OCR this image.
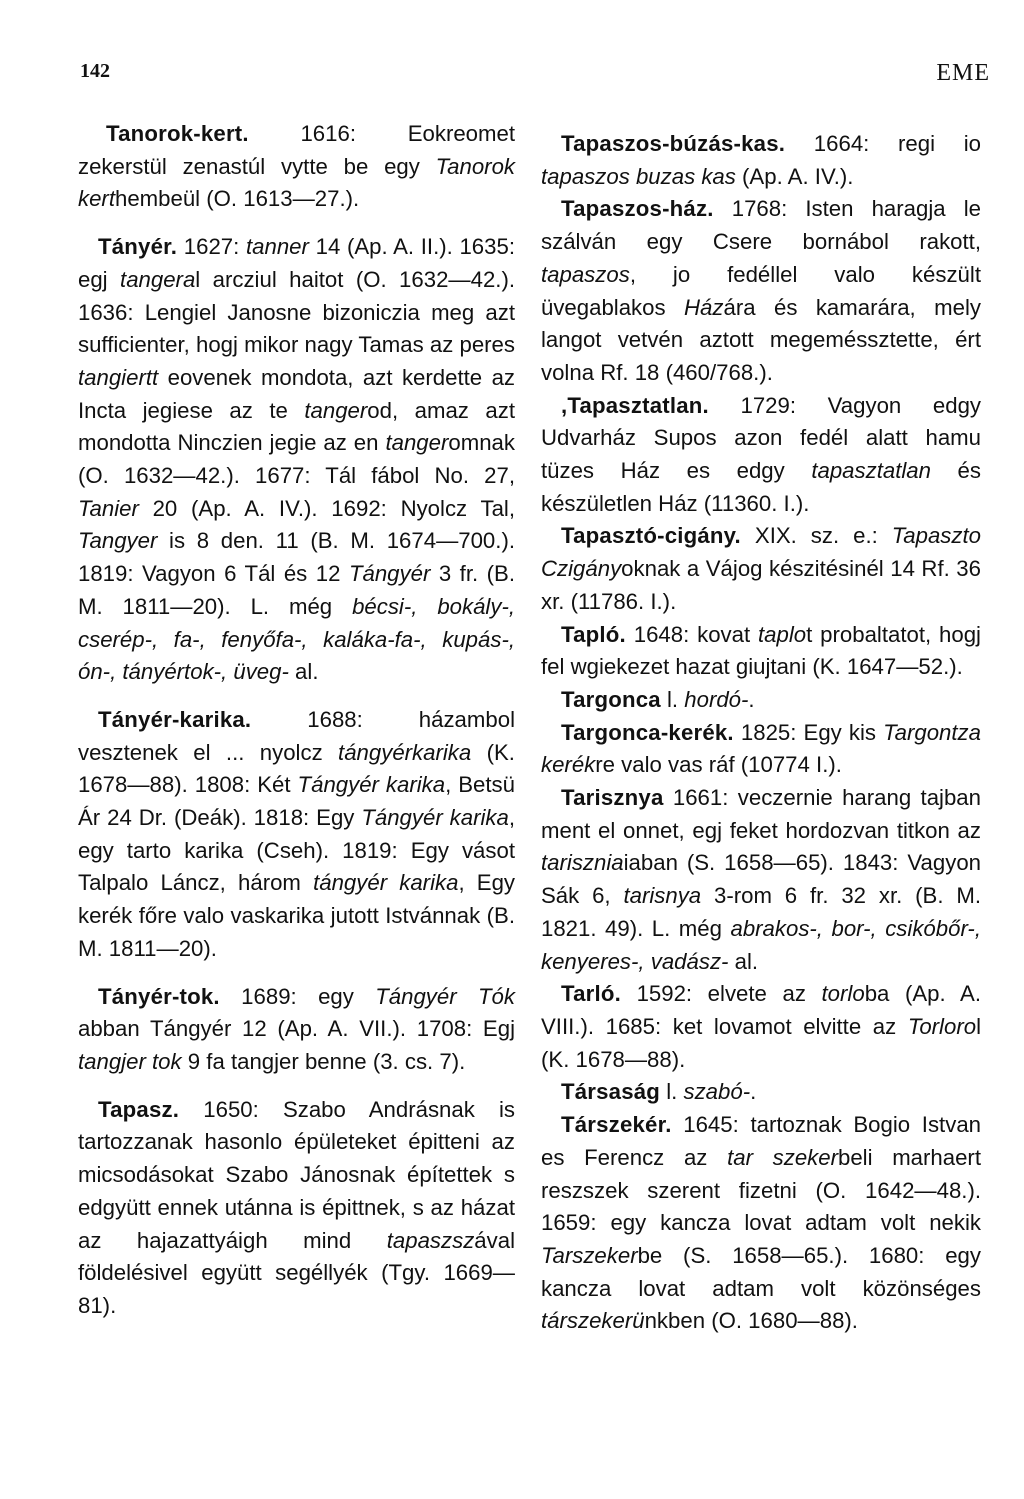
142	EME

Tanorok-kert. 1616: Eokreomet zekerstül zenastúl vytte be egy Tanorok kerthembeül (O. 1613—27.).

Tányér. 1627: tanner 14 (Ap. A. II.). 1635: egj tangeral arcziul haitot (O. 1632—42.). 1636: Lengiel Janosne bizoniczia meg azt sufficienter, hogj mikor nagy Tamas az peres tangiertt eovenek mondota, azt kerdette az Incta jegiese az te tangerod, amaz azt mondotta Ninczien jegie az en tangeromnak (O. 1632—42.). 1677: Tál fábol No. 27, Tanier 20 (Ap. A. IV.). 1692: Nyolcz Tal, Tangyer is 8 den. 11 (B. M. 1674—700.). 1819: Vagyon 6 Tál és 12 Tángyér 3 fr. (B. M. 1811—20). L. még bécsi-, bokály-, cserép-, fa-, fenyőfa-, kaláka-fa-, kupás-, ón-, tányértok-, üveg- al.

Tányér-karika. 1688: házambol vesztenek el ... nyolcz tángyérkarika (K. 1678—88). 1808: Két Tángyér karika, Betsü Ár 24 Dr. (Deák). 1818: Egy Tángyér karika, egy tarto karika (Cseh). 1819: Egy vásot Talpalo Láncz, három tángyér karika, Egy kerék főre valo vaskarika jutott Istvánnak (B. M. 1811—20).

Tányér-tok. 1689: egy Tángyér Tók abban Tángyér 12 (Ap. A. VII.). 1708: Egj tangjer tok 9 fa tangjer benne (3. cs. 7).

Tapasz. 1650: Szabo Andrásnak is tartozzanak hasonlo épületeket épitteni az micsodásokat Szabo Jánosnak építettek s edgyütt ennek utánna is épittnek, s az házat az hajazattyáigh mind tapaszszával földelésivel együtt segéllyék (Tgy. 1669—81).

Tapaszos-búzás-kas. 1664: regi io tapaszos buzas kas (Ap. A. IV.).

Tapaszos-ház. 1768: Isten haragja le szálván egy Csere bornábol rakott, tapaszos, jo fedéllel valo készült üvegablakos Házára és kamarára, mely langot vetvén aztott megeméssztette, ért volna Rf. 18 (460/768.).

,Tapasztatlan. 1729: Vagyon edgy Udvarház Supos azon fedél alatt hamu tüzes Ház es edgy tapasztatlan és készületlen Ház (11360. I.).

Tapasztó-cigány. XIX. sz. e.: Tapaszto Czigányoknak a Vájog készitésinél 14 Rf. 36 xr. (11786. I.).

Tapló. 1648: kovat taplot probaltatot, hogj fel wgiekezet hazat giujtani (K. 1647—52.).

Targonca l. hordó-.

Targonca-kerék. 1825: Egy kis Targontza kerékre valo vas ráf (10774 I.).

Tarisznya 1661: veczernie harang tajban ment el onnet, egj feket hordozvan titkon az tariszniaiaban (S. 1658—65). 1843: Vagyon Sák 6, tarisnya 3-rom 6 fr. 32 xr. (B. M. 1821. 49). L. még abrakos-, bor-, csikóbőr-, kenyeres-, vadász- al.

Tarló. 1592: elvete az torloba (Ap. A. VIII.). 1685: ket lovamot elvitte az Torlorol (K. 1678—88).

Társaság l. szabó-.

Társzekér. 1645: tartoznak Bogio Istvan es Ferencz az tar szekerbeli marhaert reszszek szerent fizetni (O. 1642—48.). 1659: egy kancza lovat adtam volt nekik Tarszekerbe (S. 1658—65.). 1680: egy kancza lovat adtam volt közönséges társzekerünkben (O. 1680—88).
